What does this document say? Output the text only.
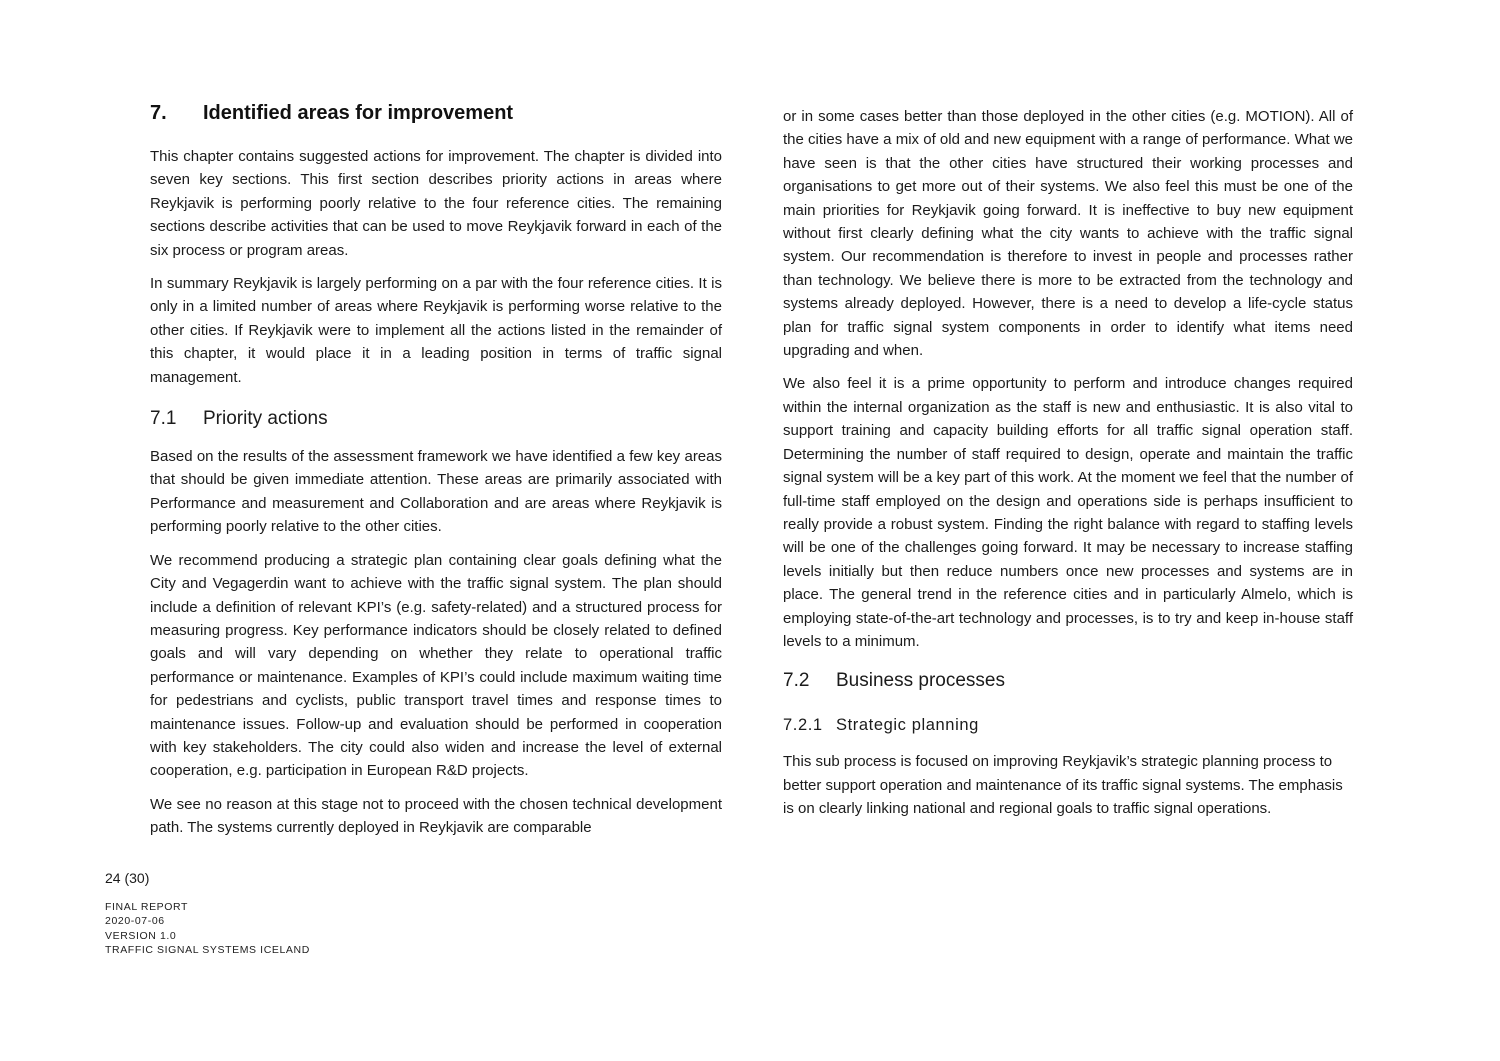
7. Identified areas for improvement

This chapter contains suggested actions for improvement. The chapter is divided into seven key sections. This first section describes priority actions in areas where Reykjavik is performing poorly relative to the four reference cities. The remaining sections describe activities that can be used to move Reykjavik forward in each of the six process or program areas.

In summary Reykjavik is largely performing on a par with the four reference cities. It is only in a limited number of areas where Reykjavik is performing worse relative to the other cities. If Reykjavik were to implement all the actions listed in the remainder of this chapter, it would place it in a leading position in terms of traffic signal management.

7.1 Priority actions

Based on the results of the assessment framework we have identified a few key areas that should be given immediate attention. These areas are primarily associated with Performance and measurement and Collaboration and are areas where Reykjavik is performing poorly relative to the other cities.

We recommend producing a strategic plan containing clear goals defining what the City and Vegagerdin want to achieve with the traffic signal system. The plan should include a definition of relevant KPI’s (e.g. safety-related) and a structured process for measuring progress. Key performance indicators should be closely related to defined goals and will vary depending on whether they relate to operational traffic performance or maintenance. Examples of KPI’s could include maximum waiting time for pedestrians and cyclists, public transport travel times and response times to maintenance issues. Follow-up and evaluation should be performed in cooperation with key stakeholders. The city could also widen and increase the level of external cooperation, e.g. participation in European R&D projects.

We see no reason at this stage not to proceed with the chosen technical development path. The systems currently deployed in Reykjavik are comparable

or in some cases better than those deployed in the other cities (e.g. MOTION). All of the cities have a mix of old and new equipment with a range of performance. What we have seen is that the other cities have structured their working processes and organisations to get more out of their systems. We also feel this must be one of the main priorities for Reykjavik going forward. It is ineffective to buy new equipment without first clearly defining what the city wants to achieve with the traffic signal system. Our recommendation is therefore to invest in people and processes rather than technology. We believe there is more to be extracted from the technology and systems already deployed. However, there is a need to develop a life-cycle status plan for traffic signal system components in order to identify what items need upgrading and when.

We also feel it is a prime opportunity to perform and introduce changes required within the internal organization as the staff is new and enthusiastic. It is also vital to support training and capacity building efforts for all traffic signal operation staff. Determining the number of staff required to design, operate and maintain the traffic signal system will be a key part of this work. At the moment we feel that the number of full-time staff employed on the design and operations side is perhaps insufficient to really provide a robust system. Finding the right balance with regard to staffing levels will be one of the challenges going forward. It may be necessary to increase staffing levels initially but then reduce numbers once new processes and systems are in place. The general trend in the reference cities and in particularly Almelo, which is employing state-of-the-art technology and processes, is to try and keep in-house staff levels to a minimum.

7.2 Business processes
7.2.1 Strategic planning

This sub process is focused on improving Reykjavik’s strategic planning process to better support operation and maintenance of its traffic signal systems. The emphasis is on clearly linking national and regional goals to traffic signal operations.

24 (30)
FINAL REPORT
2020-07-06
VERSION 1.0
TRAFFIC SIGNAL SYSTEMS ICELAND
